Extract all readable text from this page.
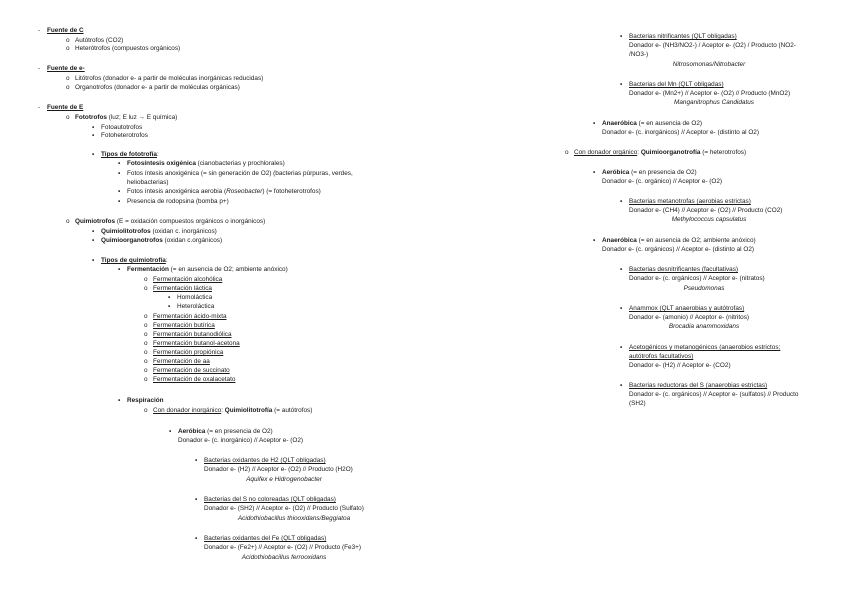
- Fuente de C
o Autótrofos (CO2)
o Heterótrofos (compuestos orgánicos)
- Fuente de e-
o Litótrofos (donador e- a partir de moléculas inorgánicas reducidas)
o Organotrofos (donador e- a partir de moléculas orgánicas)
- Fuente de E
o Fototrofos (luz; E luz → E química)
▪ Fotoautotrofos
▪ Fotoheterotrofos
▪ Tipos de fototrofía:
▪ Fotosíntesis oxigénica (cianobacterias y prochlorales)
▪ Fotos íntesis anoxigénica (= sin generación de O2) (bacterias púrpuras, verdes,
heliobacterias)
▪ Fotos íntesis anoxigénica aerobia (Roseobacter) (= fotoheterotrofos)
▪ Presencia de rodopsina (bomba p+)
o Quimiotrofos (E = oxidación compuestos orgánicos o inorgánicos)
▪ Quimiolitotrofos (oxidan c. inorgánicos)
▪ Quimioorganotrofos (oxidan c.orgánicos)
▪ Tipos de quimiotrofía:
▪ Fermentación (= en ausencia de O2; ambiente anóxico)
o Fermentación alcohólica
o Fermentación láctica
▪ Homoláctica
▪ Heteroláctica
o Fermentación ácido-mixta
o Fermentación butírica
o Fermentación butanodiólica
o Fermentación butanol-acetona
o Fermentación propiónica
o Fermentación de aa
o Fermentación de succinato
o Fermentación de oxalacetato
▪ Respiración
o Con donador inorgánico: Quimiolitotrofía (= autótrofos)
▪ Aeróbica (= en presencia de O2)
Donador e- (c. inorgánico) // Aceptor e- (O2)
▪ Bacterias oxidantes de H2 (QLT obligadas)
Donador e- (H2) // Aceptor e- (O2) // Producto (H2O)
Aquifex e Hidrogenobacter
▪ Bacterias del S no coloreadas (QLT obligadas)
Donador e- (SH2) // Aceptor e- (O2) // Producto (Sulfato)
Acidothiobacillus thiooxidans/Beggiatoa
▪ Bacterias oxidantes del Fe (QLT obligadas)
Donador e- (Fe2+) // Aceptor e- (O2) // Producto (Fe3+)
Acidothiobacillus ferrooxidans
▪ Bacterias nitrificantes (QLT obligadas)
Donador e- (NH3/NO2-) / Aceptor e- (O2) / Producto (NO2-
/NO3-)
Nitrosomonas/Nitrobacter
▪ Bacterias del Mn (QLT obligadas)
Donador e- (Mn2+) // Aceptor e- (O2) // Producto (MnO2)
Manganitrophus Candidatus
▪ Anaeróbica (= en ausencia de O2)
Donador e- (c. inorgánicos) // Aceptor e- (distinto al O2)
o Con donador orgánico: Quimioorganotrofía (= heterotrofos)
▪ Aeróbica (= en presencia de O2)
Donador e- (c. orgánico) // Aceptor e- (O2)
▪ Bacterias metanotrofas (aerobias estrictas)
Donador e- (CH4) // Aceptor e- (O2) // Producto (CO2)
Methylococcus capsulatus
▪ Anaeróbica (= en ausencia de O2; ambiente anóxico)
Donador e- (c. orgánicos) // Aceptor e- (distinto al O2)
▪ Bacterias desnitrificantes (facultativas)
Donador e- (c. orgánicos) // Aceptor e- (nitratos)
Pseudomonas
▪ Anammox (QLT anaerobias y autótrofas)
Donador e- (amonio) // Aceptor e- (nitritos)
Brocadia anammoxidans
▪ Acetogénicos y metanogénicos (anaerobios estrictos;
autótrofos facultativos)
Donador e- (H2) // Aceptor e- (CO2)
▪ Bacterias reductoras del S (anaerobias estrictas)
Donador e- (c. orgánicos) // Aceptor e- (sulfatos) // Producto
(SH2)
